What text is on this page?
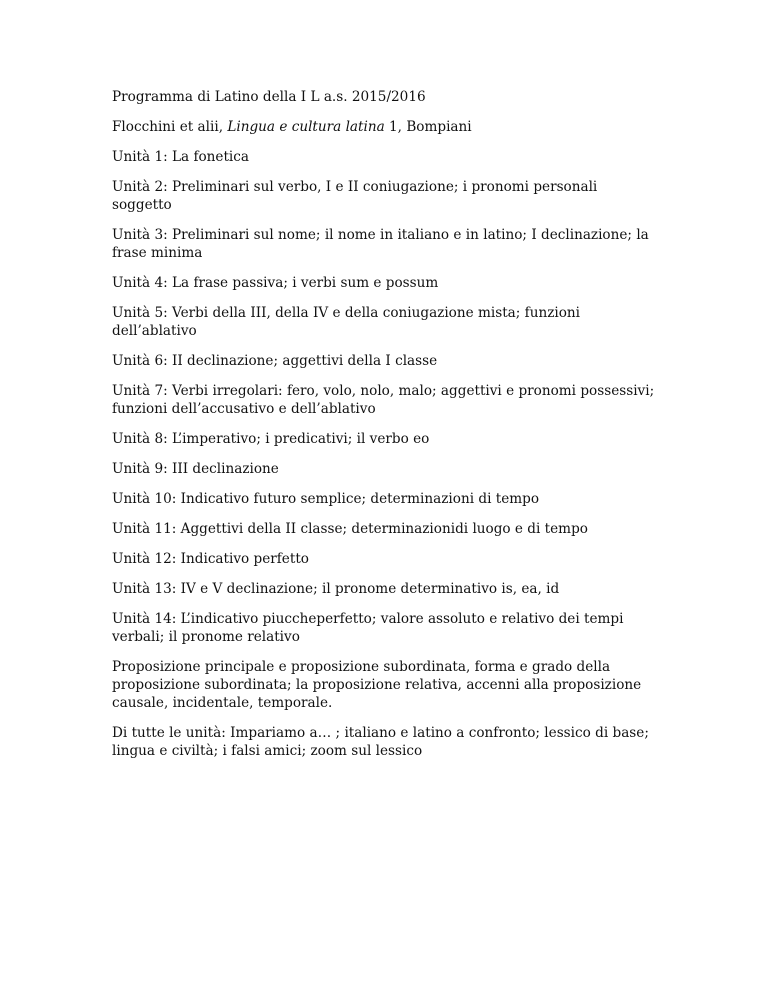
Programma di Latino della I L a.s. 2015/2016

Flocchini et alii, Lingua e cultura latina 1, Bompiani

Unità 1: La fonetica

Unità 2: Preliminari sul verbo, I e II coniugazione; i pronomi personali soggetto

Unità 3: Preliminari sul nome; il nome in italiano e in latino; I declinazione; la frase minima

Unità 4: La frase passiva; i verbi sum e possum

Unità 5: Verbi della III, della IV e della coniugazione mista; funzioni dell’ablativo

Unità 6: II declinazione; aggettivi della I classe

Unità 7: Verbi irregolari: fero, volo, nolo, malo; aggettivi e pronomi possessivi; funzioni dell’accusativo e dell’ablativo

Unità 8: L’imperativo; i predicativi; il verbo eo

Unità 9: III declinazione

Unità 10: Indicativo futuro semplice; determinazioni di tempo

Unità 11: Aggettivi della II classe; determinazionidi luogo e di tempo

Unità 12: Indicativo perfetto

Unità 13: IV e V declinazione; il pronome determinativo is, ea, id

Unità 14: L’indicativo piuccheperfetto; valore assoluto e relativo dei tempi verbali; il pronome relativo

Proposizione principale e proposizione subordinata, forma e grado della proposizione subordinata; la proposizione relativa, accenni alla proposizione causale, incidentale, temporale.

Di tutte le unità: Impariamo a… ; italiano e latino a confronto; lessico di base; lingua e civiltà; i falsi amici; zoom sul lessico
